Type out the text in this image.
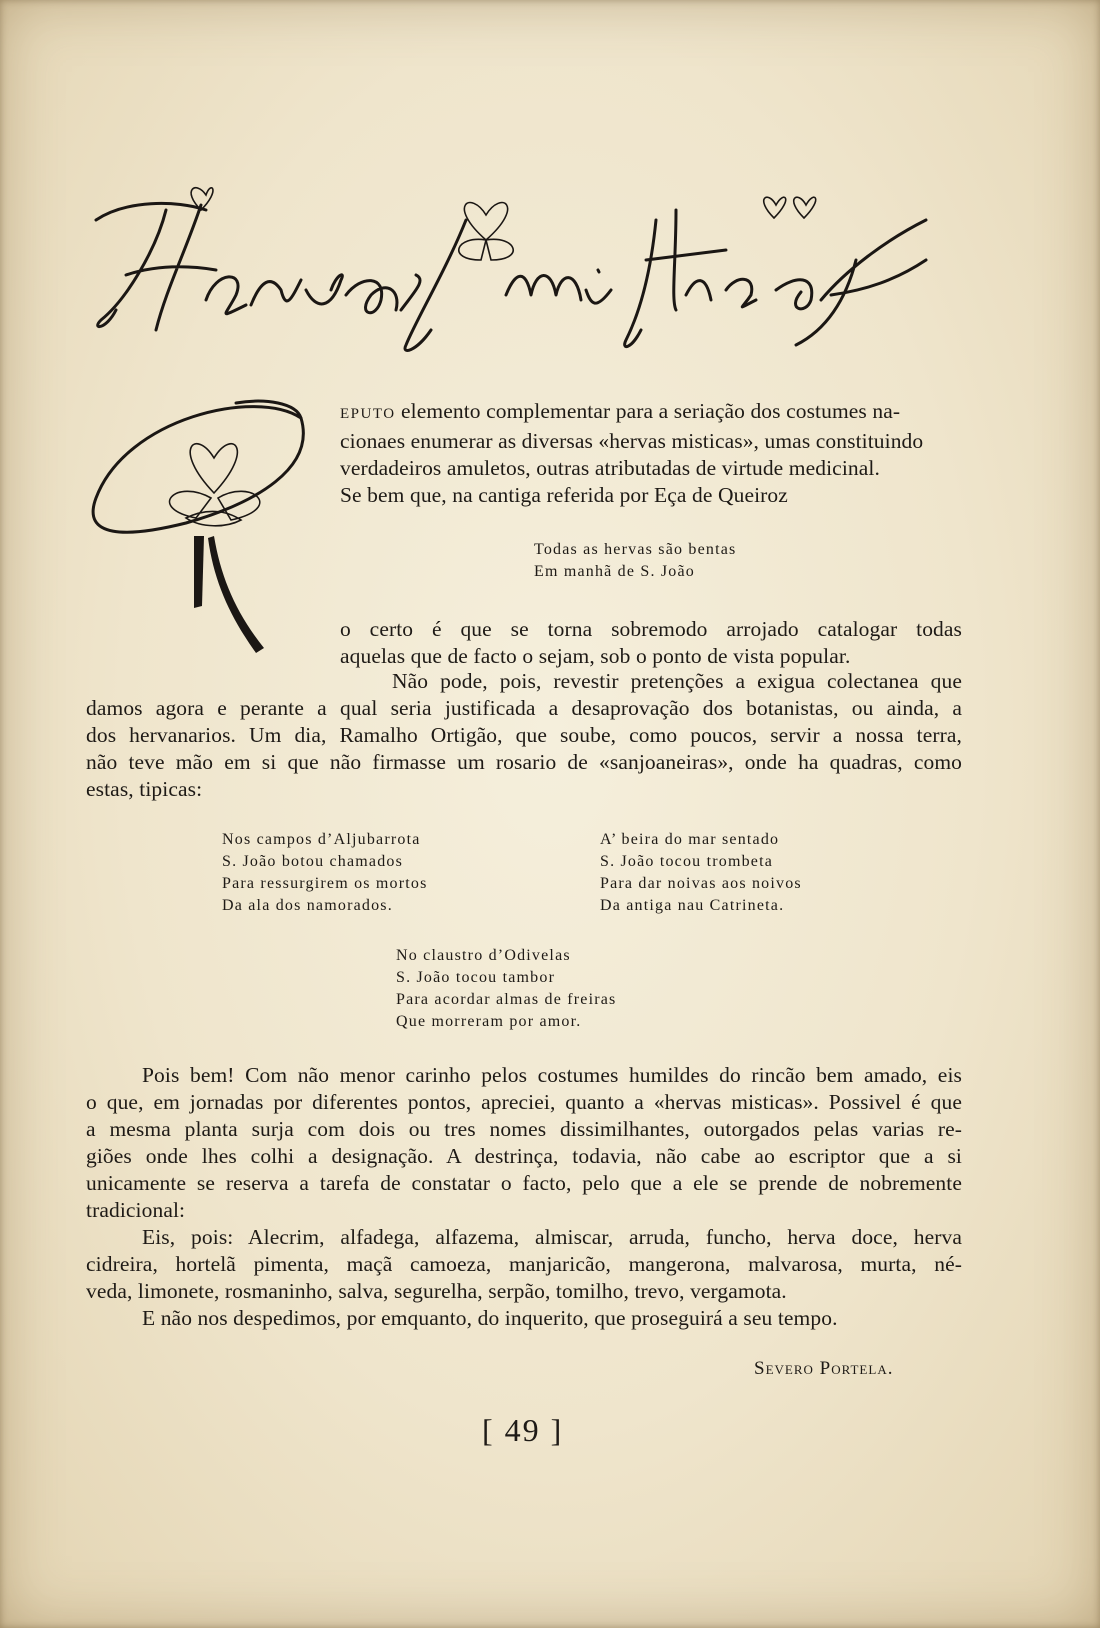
EPUTO elemento complementar para a seriação dos costumes na-
cionaes enumerar as diversas «hervas misticas», umas constituindo
verdadeiros amuletos, outras atributadas de virtude medicinal.
Se bem que, na cantiga referida por Eça de Queiroz
Todas as hervas são bentas
Em manhã de S. João
o certo é que se torna sobremodo arrojado catalogar todas
aquelas que de facto o sejam, sob o ponto de vista popular.
Não pode, pois, revestir pretenções a exigua colectanea que
damos agora e perante a qual seria justificada a desaprovação dos botanistas, ou ainda, a
dos hervanarios. Um dia, Ramalho Ortigão, que soube, como poucos, servir a nossa terra,
não teve mão em si que não firmasse um rosario de «sanjoaneiras», onde ha quadras, como
estas, tipicas:
Nos campos d’Aljubarrota
S. João botou chamados
Para ressurgirem os mortos
Da ala dos namorados.
A’ beira do mar sentado
S. João tocou trombeta
Para dar noivas aos noivos
Da antiga nau Catrineta.
No claustro d’Odivelas
S. João tocou tambor
Para acordar almas de freiras
Que morreram por amor.
Pois bem! Com não menor carinho pelos costumes humildes do rincão bem amado, eis
o que, em jornadas por diferentes pontos, apreciei, quanto a «hervas misticas». Possivel é que
a mesma planta surja com dois ou tres nomes dissimilhantes, outorgados pelas varias re-
giões onde lhes colhi a designação. A destrinça, todavia, não cabe ao escriptor que a si
unicamente se reserva a tarefa de constatar o facto, pelo que a ele se prende de nobremente
tradicional:
Eis, pois: Alecrim, alfadega, alfazema, almiscar, arruda, funcho, herva doce, herva
cidreira, hortelã pimenta, maçã camoeza, manjaricão, mangerona, malvarosa, murta, né-
veda, limonete, rosmaninho, salva, segurelha, serpão, tomilho, trevo, vergamota.
E não nos despedimos, por emquanto, do inquerito, que proseguirá a seu tempo.
Severo Portela.
[ 49 ]
